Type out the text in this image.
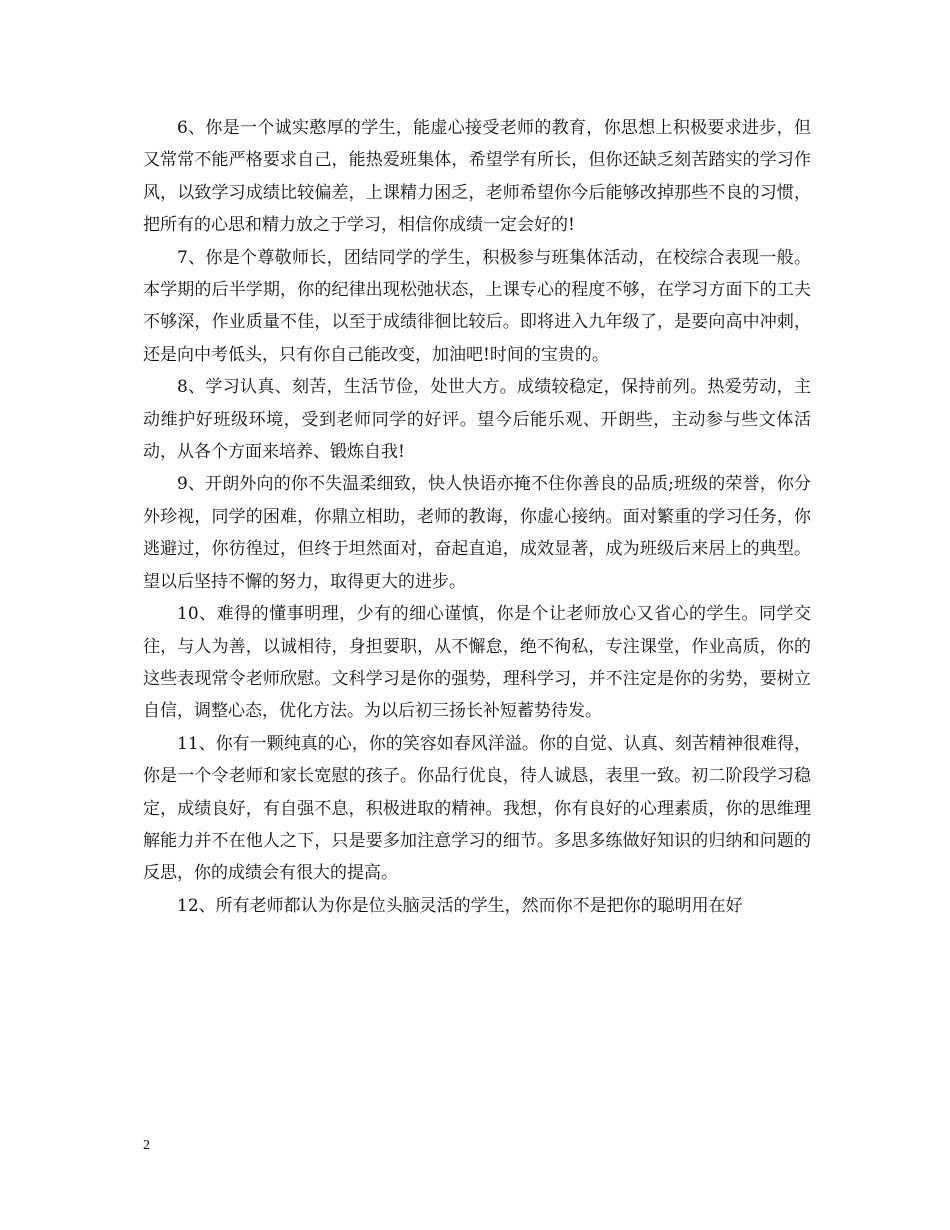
6、你是一个诚实憨厚的学生，能虚心接受老师的教育，你思想上积极要求进步，但又常常不能严格要求自己，能热爱班集体，希望学有所长，但你还缺乏刻苦踏实的学习作风，以致学习成绩比较偏差，上课精力困乏，老师希望你今后能够改掉那些不良的习惯，把所有的心思和精力放之于学习，相信你成绩一定会好的!

7、你是个尊敬师长，团结同学的学生，积极参与班集体活动，在校综合表现一般。本学期的后半学期，你的纪律出现松弛状态，上课专心的程度不够，在学习方面下的工夫不够深，作业质量不佳，以至于成绩徘徊比较后。即将进入九年级了，是要向高中冲刺，还是向中考低头，只有你自己能改变，加油吧!时间的宝贵的。

8、学习认真、刻苦，生活节俭，处世大方。成绩较稳定，保持前列。热爱劳动，主动维护好班级环境，受到老师同学的好评。望今后能乐观、开朗些，主动参与些文体活动，从各个方面来培养、锻炼自我!

9、开朗外向的你不失温柔细致，快人快语亦掩不住你善良的品质;班级的荣誉，你分外珍视，同学的困难，你鼎立相助，老师的教诲，你虚心接纳。面对繁重的学习任务，你逃避过，你彷徨过，但终于坦然面对，奋起直追，成效显著，成为班级后来居上的典型。望以后坚持不懈的努力，取得更大的进步。

10、难得的懂事明理，少有的细心谨慎，你是个让老师放心又省心的学生。同学交往，与人为善，以诚相待，身担要职，从不懈怠，绝不徇私，专注课堂，作业高质，你的这些表现常令老师欣慰。文科学习是你的强势，理科学习，并不注定是你的劣势，要树立自信，调整心态，优化方法。为以后初三扬长补短蓄势待发。

11、你有一颗纯真的心，你的笑容如春风洋溢。你的自觉、认真、刻苦精神很难得，你是一个令老师和家长宽慰的孩子。你品行优良，待人诚恳，表里一致。初二阶段学习稳定，成绩良好，有自强不息，积极进取的精神。我想，你有良好的心理素质，你的思维理解能力并不在他人之下，只是要多加注意学习的细节。多思多练做好知识的归纳和问题的反思，你的成绩会有很大的提高。

12、所有老师都认为你是位头脑灵活的学生，然而你不是把你的聪明用在好

2
